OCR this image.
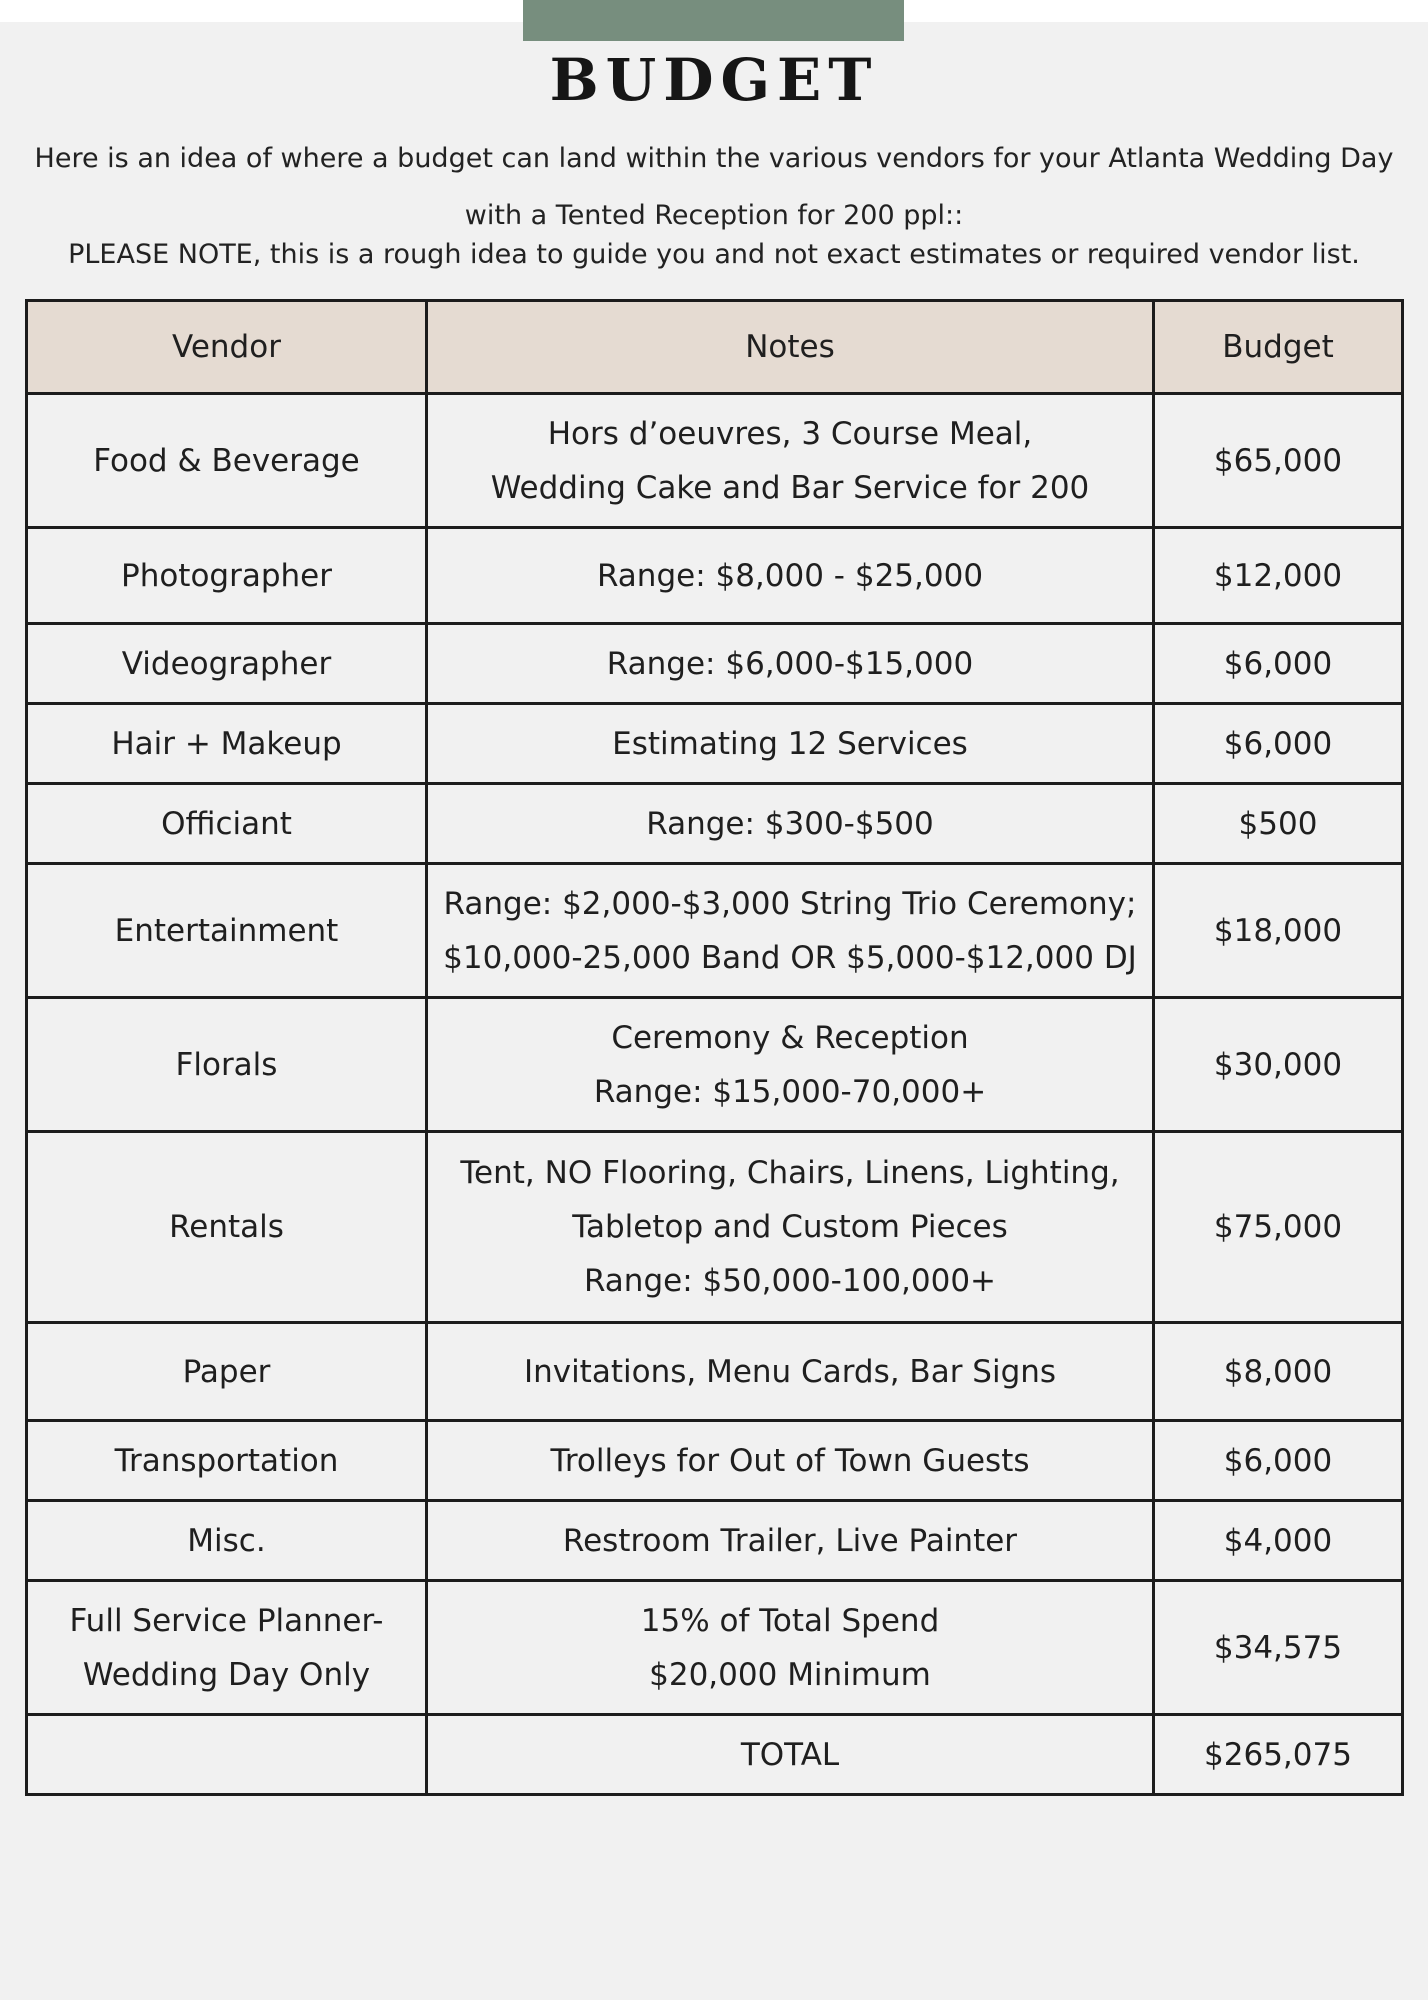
BUDGET
Here is an idea of where a budget can land within the various vendors for your Atlanta Wedding Day with a Tented Reception for 200 ppl::
PLEASE NOTE, this is a rough idea to guide you and not exact estimates or required vendor list.
Vendor	Notes	Budget

Food & Beverage	Hors d’oeuvres, 3 Course Meal,
Wedding Cake and Bar Service for 200	$65,000

Photographer	Range: $8,000 - $25,000	$12,000

Videographer	Range: $6,000-$15,000	$6,000

Hair + Makeup	Estimating 12 Services	$6,000

Officiant	Range: $300-$500	$500

Entertainment	Range: $2,000-$3,000 String Trio Ceremony;
$10,000-25,000 Band OR $5,000-$12,000 DJ	$18,000

Florals	Ceremony & Reception
Range: $15,000-70,000+	$30,000

Rentals	Tent, NO Flooring, Chairs, Linens, Lighting,
Tabletop and Custom Pieces
Range: $50,000-100,000+	$75,000

Paper	Invitations, Menu Cards, Bar Signs	$8,000

Transportation	Trolleys for Out of Town Guests	$6,000

Misc.	Restroom Trailer, Live Painter	$4,000

Full Service Planner-
Wedding Day Only	15% of Total Spend
$20,000 Minimum	$34,575
	TOTAL	$265,075
